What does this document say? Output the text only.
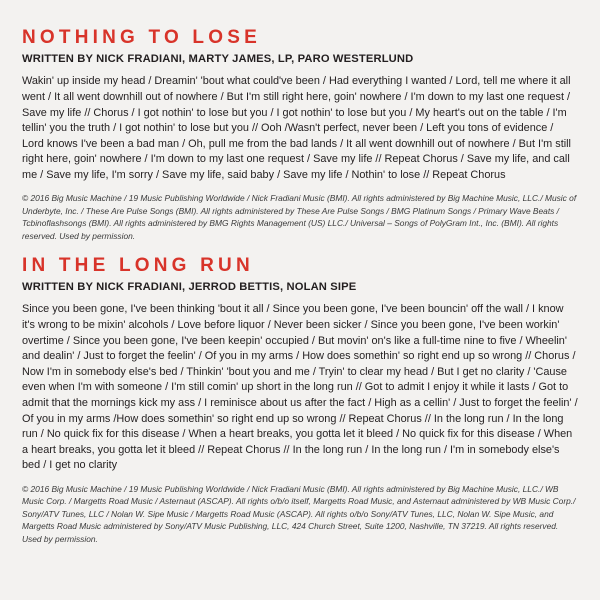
NOTHING TO LOSE
WRITTEN BY NICK FRADIANI, MARTY JAMES, LP, PARO WESTERLUND

Wakin' up inside my head / Dreamin' 'bout what could've been / Had everything I wanted / Lord, tell me where it all went / It all went downhill out of nowhere / But I'm still right here, goin' nowhere / I'm down to my last one request / Save my life // Chorus / I got nothin' to lose but you / I got nothin' to lose but you / My heart's out on the table / I'm tellin' you the truth / I got nothin' to lose but you // Ooh /Wasn't perfect, never been / Left you tons of evidence / Lord knows I've been a bad man / Oh, pull me from the bad lands / It all went downhill out of nowhere / But I'm still right here, goin' nowhere / I'm down to my last one request / Save my life // Repeat Chorus / Save my life, and call me / Save my life, I'm sorry / Save my life, said baby / Save my life / Nothin' to lose // Repeat Chorus

© 2016 Big Music Machine / 19 Music Publishing Worldwide / Nick Fradiani Music (BMI). All rights administered by Big Machine Music, LLC./ Music of Underbyte, Inc. / These Are Pulse Songs (BMI). All rights administered by These Are Pulse Songs / BMG Platinum Songs / Primary Wave Beats / Tcbinoflashsongs (BMI). All rights administered by BMG Rights Management (US) LLC./ Universal – Songs of PolyGram Int., Inc. (BMI). All rights reserved. Used by permission.

IN THE LONG RUN
WRITTEN BY NICK FRADIANI, JERROD BETTIS, NOLAN SIPE

Since you been gone, I've been thinking 'bout it all / Since you been gone, I've been bouncin' off the wall / I know it's wrong to be mixin' alcohols / Love before liquor / Never been sicker / Since you been gone, I've been workin' overtime / Since you been gone, I've been keepin' occupied / But movin' on's like a full-time nine to five / Wheelin' and dealin' / Just to forget the feelin' / Of you in my arms / How does somethin' so right end up so wrong // Chorus / Now I'm in somebody else's bed / Thinkin' 'bout you and me / Tryin' to clear my head / But I get no clarity / 'Cause even when I'm with someone / I'm still comin' up short in the long run // Got to admit I enjoy it while it lasts / Got to admit that the mornings kick my ass / I reminisce about us after the fact / High as a cellin' / Just to forget the feelin' / Of you in my arms /How does somethin' so right end up so wrong // Repeat Chorus // In the long run / In the long run / No quick fix for this disease / When a heart breaks, you gotta let it bleed / No quick fix for this disease / When a heart breaks, you gotta let it bleed // Repeat Chorus // In the long run / In the long run / I'm in somebody else's bed / I get no clarity

© 2016 Big Music Machine / 19 Music Publishing Worldwide / Nick Fradiani Music (BMI). All rights administered by Big Machine Music, LLC./ WB Music Corp. / Margetts Road Music / Asternaut (ASCAP). All rights o/b/o itself, Margetts Road Music, and Asternaut administered by WB Music Corp./ Sony/ATV Tunes, LLC / Nolan W. Sipe Music / Margetts Road Music (ASCAP). All rights o/b/o Sony/ATV Tunes, LLC, Nolan W. Sipe Music, and Margetts Road Music administered by Sony/ATV Music Publishing, LLC, 424 Church Street, Suite 1200, Nashville, TN 37219. All rights reserved. Used by permission.
